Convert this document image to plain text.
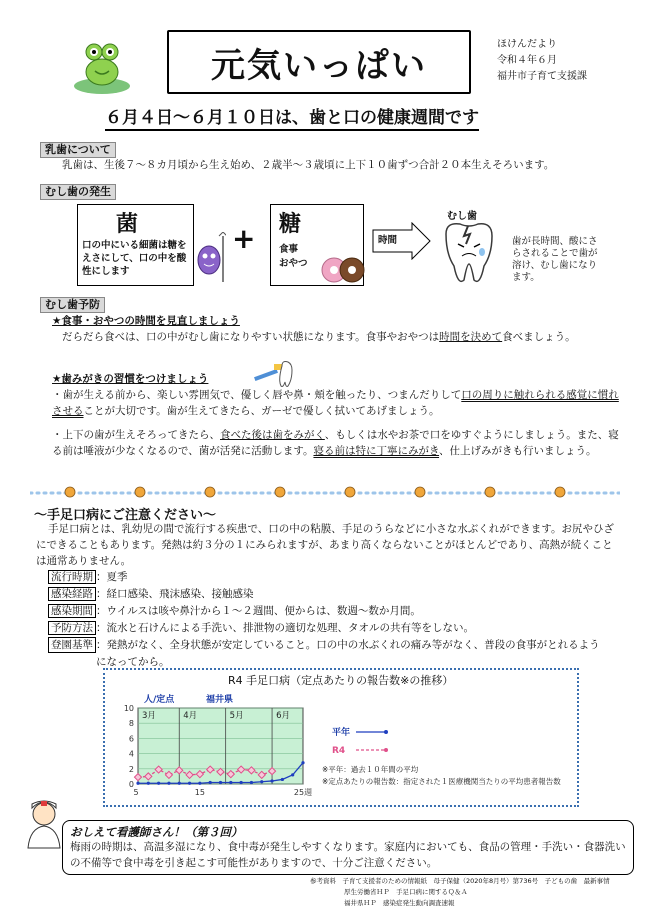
元気いっぱい
ほけんだより
令和４年６月
福井市子育て支援課
６月４日～６月１０日は、歯と口の健康週間です
乳歯について
乳歯は、生後７～８カ月頃から生え始め、２歳半～３歳頃に上下１０歯ずつ合計２０本生えそろいます。
むし歯の発生
菌
口の中にいる細菌は糖をえさにして、口の中を酸性にします
+ 糖
食事
おやつ
時間
むし歯
歯が長時間、酸にさらされることで歯が溶け、むし歯になります。
むし歯予防
★食事・おやつの時間を見直しましょう
だらだら食べは、口の中がむし歯になりやすい状態になります。食事やおやつは時間を決めて食べましょう。
★歯みがきの習慣をつけましょう
・歯が生える前から、楽しい雰囲気で、優しく唇や鼻・頬を触ったり、つまんだりして口の周りに触れられる感覚に慣れさせることが大切です。歯が生えてきたら、ガーゼで優しく拭いてあげましょう。
・上下の歯が生えそろってきたら、食べた後は歯をみがく、もしくは水やお茶で口をゆすぐようにしましょう。また、寝る前は唾液が少なくなるので、菌が活発に活動します。寝る前は特に丁寧にみがき、仕上げみがきも行いましょう。
～手足口病にご注意ください～
手足口病とは、乳幼児の間で流行する疾患で、口の中の粘膜、手足のうらなどに小さな水ぶくれができます。お尻やひざにできることもあります。発熱は約３分の１にみられますが、あまり高くならないことがほとんどであり、高熱が続くことは通常ありません。
流行時期 ：夏季
感染経路 ：経口感染、飛沫感染、接触感染
感染期間 ：ウイルスは咳や鼻汁から１～２週間、便からは、数週～数か月間。
予防方法 ：流水と石けんによる手洗い、排泄物の適切な処理、タオルの共有等をしない。
登園基準 ：発熱がなく、全身状態が安定していること。口の中の水ぶくれの痛み等がなく、普段の食事がとれるようになってから。
R4 手足口病（定点あたりの報告数※の推移）
0
2
4
6
8
10
3月	4月	5月	6月
5	15	25週
人/定点	福井県
平年
R4
※平年：過去１０年間の平均
※定点あたりの報告数：指定された１医療機関当たりの平均患者報告数
おしえて看護師さん！（第３回）
梅雨の時期は、高温多湿になり、食中毒が発生しやすくなります。家庭内においても、食品の管理・手洗い・食器洗いの不備等で食中毒を引き起こす可能性がありますので、十分ご注意ください。
参考資料　子育て支援者のための情報紙　母子保健（2020年8月号）第736号　子どもの歯　最新事情
厚生労働省ＨＰ　手足口病に関するＱ＆Ａ
福井県ＨＰ　感染症発生動向調査速報
